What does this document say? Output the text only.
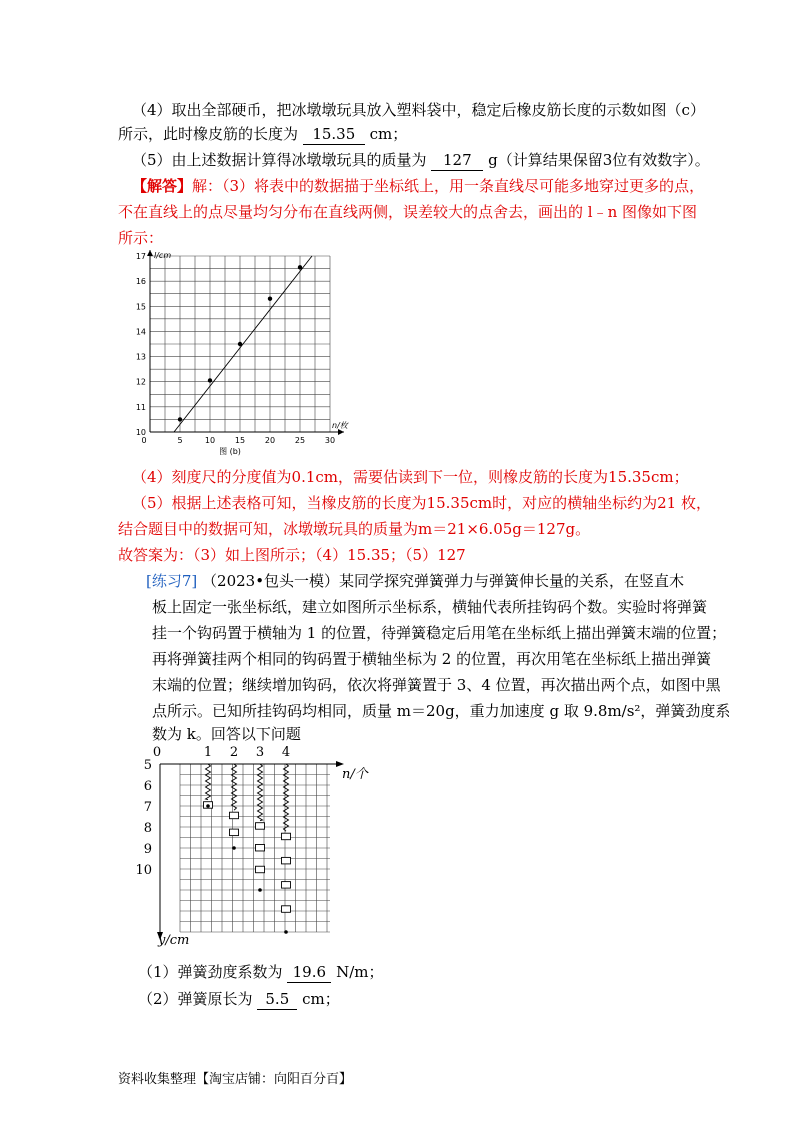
（4）取出全部硬币，把冰墩墩玩具放入塑料袋中，稳定后橡皮筋长度的示数如图（c）
所示，此时橡皮筋的长度为 15.35 cm；
（5）由上述数据计算得冰墩墩玩具的质量为 127 g（计算结果保留3位有效数字）。
【解答】解：（3）将表中的数据描于坐标纸上，用一条直线尽可能多地穿过更多的点，
不在直线上的点尽量均匀分布在直线两侧，误差较大的点舍去，画出的 l﹣n 图像如下图
所示：
0	5	10 15 20 25 30
10
11
12
13
14
15
16
17 l/cm
n/枚
图 (b)
（4）刻度尺的分度值为0.1cm，需要估读到下一位，则橡皮筋的长度为15.35cm；
（5）根据上述表格可知，当橡皮筋的长度为15.35cm时，对应的横轴坐标约为21 枚，
结合题目中的数据可知，冰墩墩玩具的质量为m＝21×6.05g＝127g。
故答案为：（3）如上图所示；（4）15.35；（5）127
[练习7] （2023•包头一模）某同学探究弹簧弹力与弹簧伸长量的关系，在竖直木
板上固定一张坐标纸，建立如图所示坐标系，横轴代表所挂钩码个数。实验时将弹簧
挂一个钩码置于横轴为 1 的位置，待弹簧稳定后用笔在坐标纸上描出弹簧末端的位置；
再将弹簧挂两个相同的钩码置于横轴坐标为 2 的位置，再次用笔在坐标纸上描出弹簧
末端的位置；继续增加钩码，依次将弹簧置于 3、4 位置，再次描出两个点，如图中黑
点所示。已知所挂钩码均相同，质量 m＝20g，重力加速度 g 取 9.8m/s²，弹簧劲度系
数为 k。回答以下问题
0	1 2 3 4
5
6
7
8
9
10
n/个
y/cm
（1）弹簧劲度系数为 19.6 N/m；
（2）弹簧原长为 5.5 cm；
资料收集整理【淘宝店铺：向阳百分百】
